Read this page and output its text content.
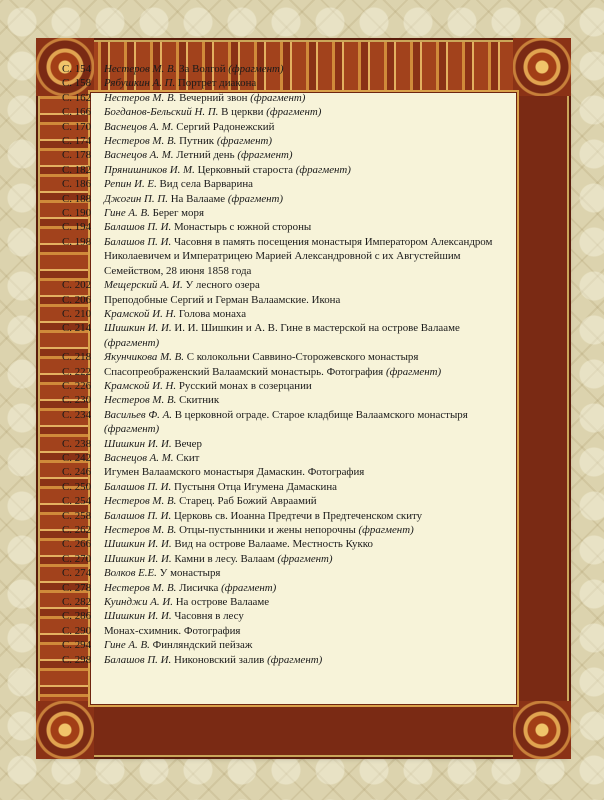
С. 154	Нестеров М. В. За Волгой (фрагмент)
С. 158	Рябушкин А. П. Портрет диакона
С. 162	Нестеров М. В. Вечерний звон (фрагмент)
С. 166	Богданов-Бельский Н. П. В церкви (фрагмент)
С. 170	Васнецов А. М. Сергий Радонежский
С. 174	Нестеров М. В. Путник (фрагмент)
С. 178	Васнецов А. М. Летний день (фрагмент)
С. 182	Прянишников И. М. Церковный староста (фрагмент)
С. 186	Репин И. Е. Вид села Варварина
С. 188	Джогин П. П. На Валааме (фрагмент)
С. 190	Гине А. В. Берег моря
С. 194	Балашов П. И. Монастырь с южной стороны
С. 198	Балашов П. И. Часовня в память посещения монастыря Императором Александром Николаевичем и Императрицею Марией Александровной с их Августейшим Семейством, 28 июня 1858 года
С. 202	Мещерский А. И. У лесного озера
С. 206	Преподобные Сергий и Герман Валаамские. Икона
С. 210	Крамской И. Н. Голова монаха
С. 214	Шишкин И. И. И. И. Шишкин и А. В. Гине в мастерской на острове Валааме (фрагмент)
С. 218	Якунчикова М. В. С колокольни Саввино-Сторожевского монастыря
С. 222	Спасопреображенский Валаамский монастырь. Фотография (фрагмент)
С. 226	Крамской И. Н. Русский монах в созерцании
С. 230	Нестеров М. В. Скитник
С. 234	Васильев Ф. А. В церковной ограде. Старое кладбище Валаамского монастыря (фрагмент)
С. 238	Шишкин И. И. Вечер
С. 242	Васнецов А. М. Скит
С. 246	Игумен Валаамского монастыря Дамаскин. Фотография
С. 250	Балашов П. И. Пустыня Отца Игумена Дамаскина
С. 254	Нестеров М. В. Старец. Раб Божий Авраамий
С. 258	Балашов П. И. Церковь св. Иоанна Предтечи в Предтеченском скиту
С. 262	Нестеров М. В. Отцы-пустынники и жены непорочны (фрагмент)
С. 266	Шишкин И. И. Вид на острове Валааме. Местность Кукко
С. 270	Шишкин И. И. Камни в лесу. Валаам (фрагмент)
С. 274	Волков Е.Е. У монастыря
С. 278	Нестеров М. В. Лисичка (фрагмент)
С. 282	Куинджи А. И. На острове Валааме
С. 286	Шишкин И. И. Часовня в лесу
С. 290	Монах-схимник. Фотография
С. 294	Гине А. В. Финляндский пейзаж
С. 298	Балашов П. И. Никоновский залив (фрагмент)
